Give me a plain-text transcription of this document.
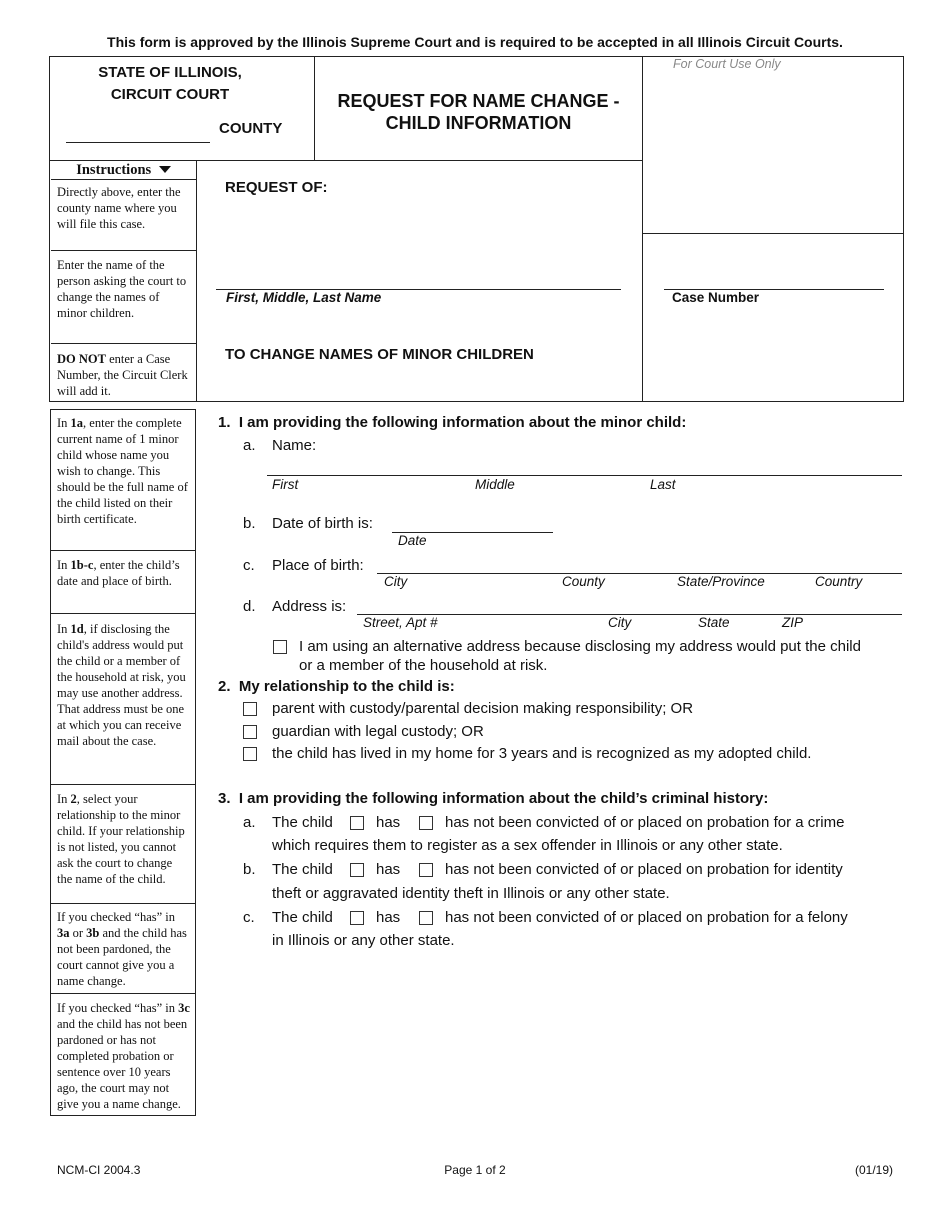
This form is approved by the Illinois Supreme Court and is required to be accepted in all Illinois Circuit Courts.
STATE OF ILLINOIS,
CIRCUIT COURT
COUNTY
REQUEST FOR NAME CHANGE -
CHILD INFORMATION
For Court Use Only
Instructions
Directly above, enter the county name where you will file this case.
Enter the name of the person asking the court to change the names of minor children.
DO NOT enter a Case Number, the Circuit Clerk will add it.
REQUEST OF:
First, Middle, Last Name	Case Number
TO CHANGE NAMES OF MINOR CHILDREN
In 1a, enter the complete current name of 1 minor child whose name you wish to change. This should be the full name of the child listed on their birth certificate.
In 1b-c, enter the child’s date and place of birth.
In 1d, if disclosing the child's address would put the child or a member of the household at risk, you may use another address. That address must be one at which you can receive mail about the case.
In 2, select your relationship to the minor child. If your relationship is not listed, you cannot ask the court to change the name of the child.
If you checked “has” in 3a or 3b and the child has not been pardoned, the court cannot give you a name change.
If you checked “has” in 3c and the child has not been pardoned or has not completed probation or sentence over 10 years ago, the court may not give you a name change.
1.  I am providing the following information about the minor child:
a. Name:
First	Middle	Last
b. Date of birth is:
Date
c. Place of birth:
City	County	State/Province	Country
d. Address is:
Street, Apt #	City	State	ZIP
I am using an alternative address because disclosing my address would put the child
or a member of the household at risk.
2.  My relationship to the child is:
parent with custody/parental decision making responsibility; OR
guardian with legal custody; OR
the child has lived in my home for 3 years and is recognized as my adopted child.
3.  I am providing the following information about the child’s criminal history:
a. The child	has	has not been convicted of or placed on probation for a crime
which requires them to register as a sex offender in Illinois or any other state.
b. The child	has	has not been convicted of or placed on probation for identity
theft or aggravated identity theft in Illinois or any other state.
c. The child	has	has not been convicted of or placed on probation for a felony
in Illinois or any other state.
NCM-CI 2004.3	Page 1 of 2	(01/19)
